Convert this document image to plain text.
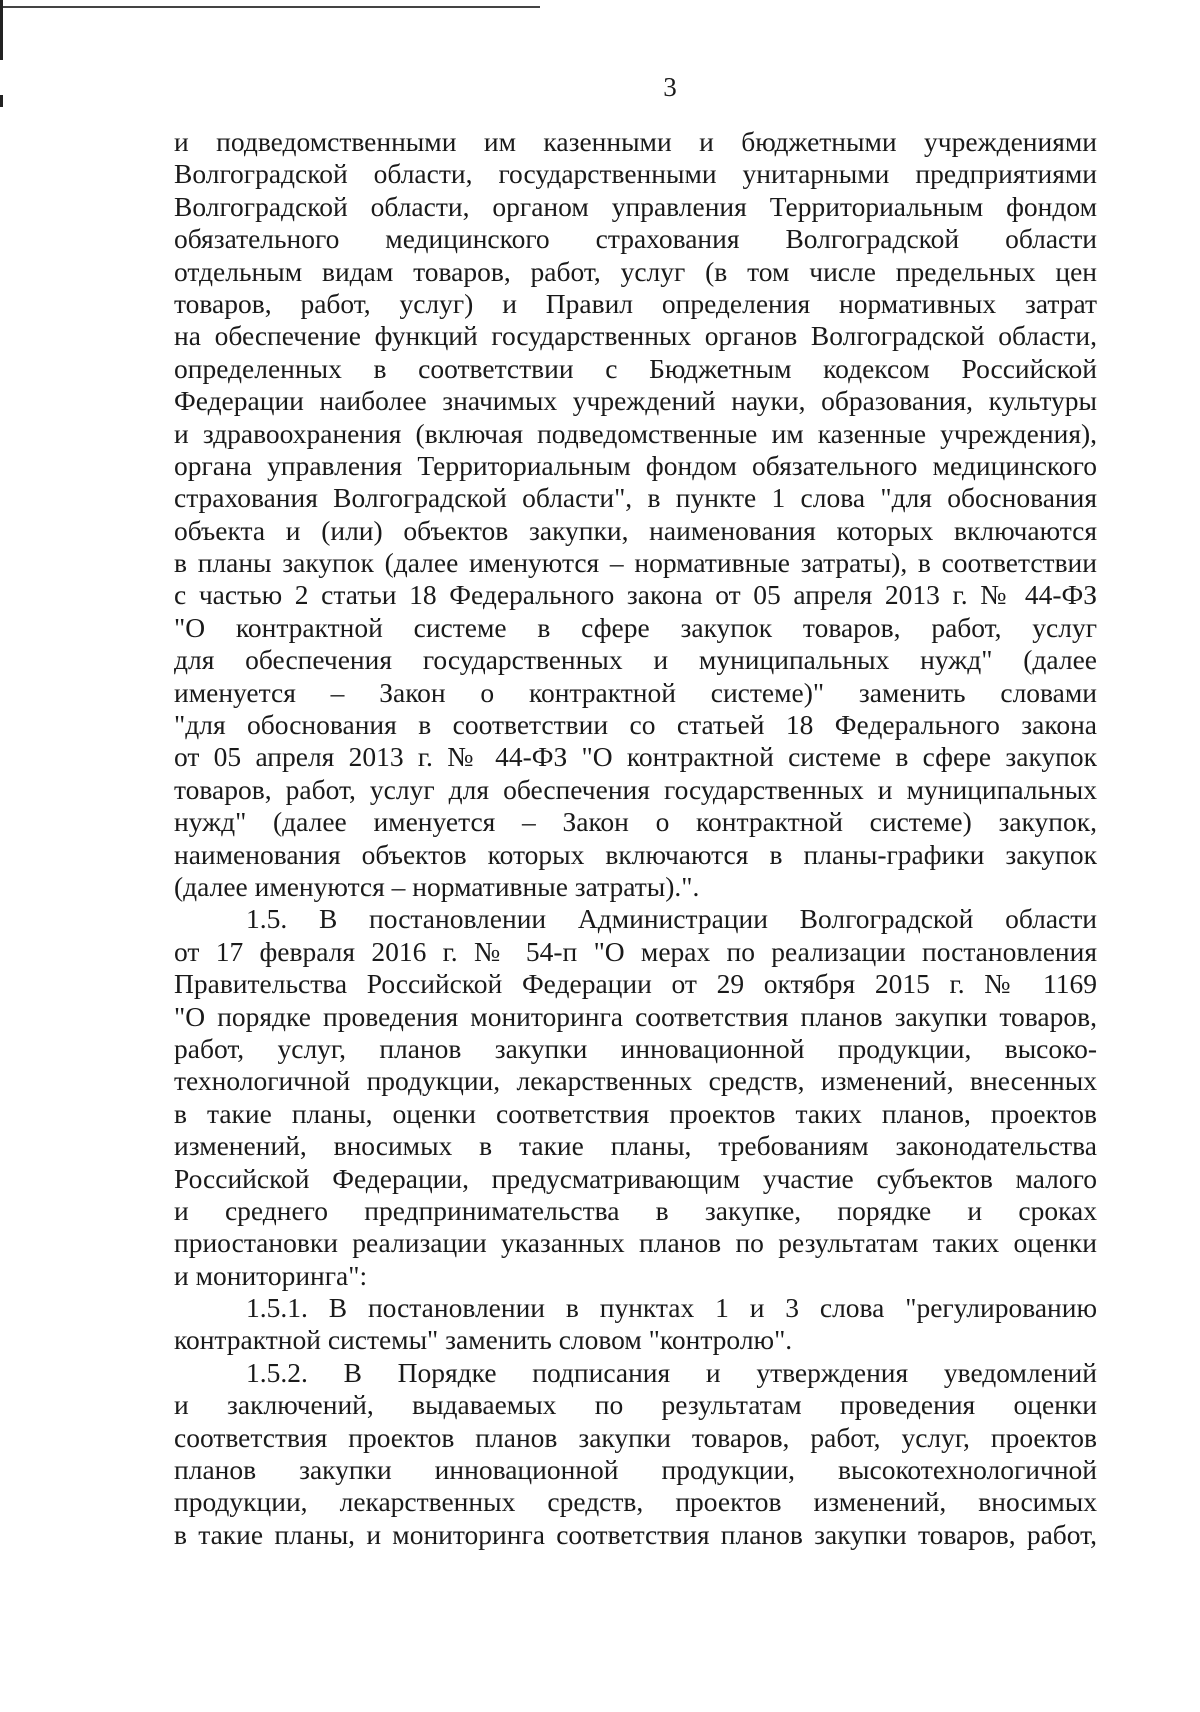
3
и подведомственными им казенными и бюджетными учреждениями
Волгоградской области, государственными унитарными предприятиями
Волгоградской области, органом управления Территориальным фондом
обязательного медицинского страхования Волгоградской области
отдельным видам товаров, работ, услуг (в том числе предельных цен
товаров, работ, услуг) и Правил определения нормативных затрат
на обеспечение функций государственных органов Волгоградской области,
определенных в соответствии с Бюджетным кодексом Российской
Федерации наиболее значимых учреждений науки, образования, культуры
и здравоохранения (включая подведомственные им казенные учреждения),
органа управления Территориальным фондом обязательного медицинского
страхования Волгоградской области", в пункте 1 слова "для обоснования
объекта и (или) объектов закупки, наименования которых включаются
в планы закупок (далее именуются – нормативные затраты), в соответствии
с частью 2 статьи 18 Федерального закона от 05 апреля 2013 г. № 44-ФЗ
"О контрактной системе в сфере закупок товаров, работ, услуг
для обеспечения государственных и муниципальных нужд" (далее
именуется – Закон о контрактной системе)" заменить словами
"для обоснования в соответствии со статьей 18 Федерального закона
от 05 апреля 2013 г. № 44-ФЗ "О контрактной системе в сфере закупок
товаров, работ, услуг для обеспечения государственных и муниципальных
нужд" (далее именуется – Закон о контрактной системе) закупок,
наименования объектов которых включаются в планы-графики закупок
(далее именуются – нормативные затраты).".
1.5. В постановлении Администрации Волгоградской области
от 17 февраля 2016 г. № 54-п "О мерах по реализации постановления
Правительства Российской Федерации от 29 октября 2015 г. № 1169
"О порядке проведения мониторинга соответствия планов закупки товаров,
работ, услуг, планов закупки инновационной продукции, высоко-
технологичной продукции, лекарственных средств, изменений, внесенных
в такие планы, оценки соответствия проектов таких планов, проектов
изменений, вносимых в такие планы, требованиям законодательства
Российской Федерации, предусматривающим участие субъектов малого
и среднего предпринимательства в закупке, порядке и сроках
приостановки реализации указанных планов по результатам таких оценки
и мониторинга":
1.5.1. В постановлении в пунктах 1 и 3 слова "регулированию
контрактной системы" заменить словом "контролю".
1.5.2. В Порядке подписания и утверждения уведомлений
и заключений, выдаваемых по результатам проведения оценки
соответствия проектов планов закупки товаров, работ, услуг, проектов
планов закупки инновационной продукции, высокотехнологичной
продукции, лекарственных средств, проектов изменений, вносимых
в такие планы, и мониторинга соответствия планов закупки товаров, работ,
